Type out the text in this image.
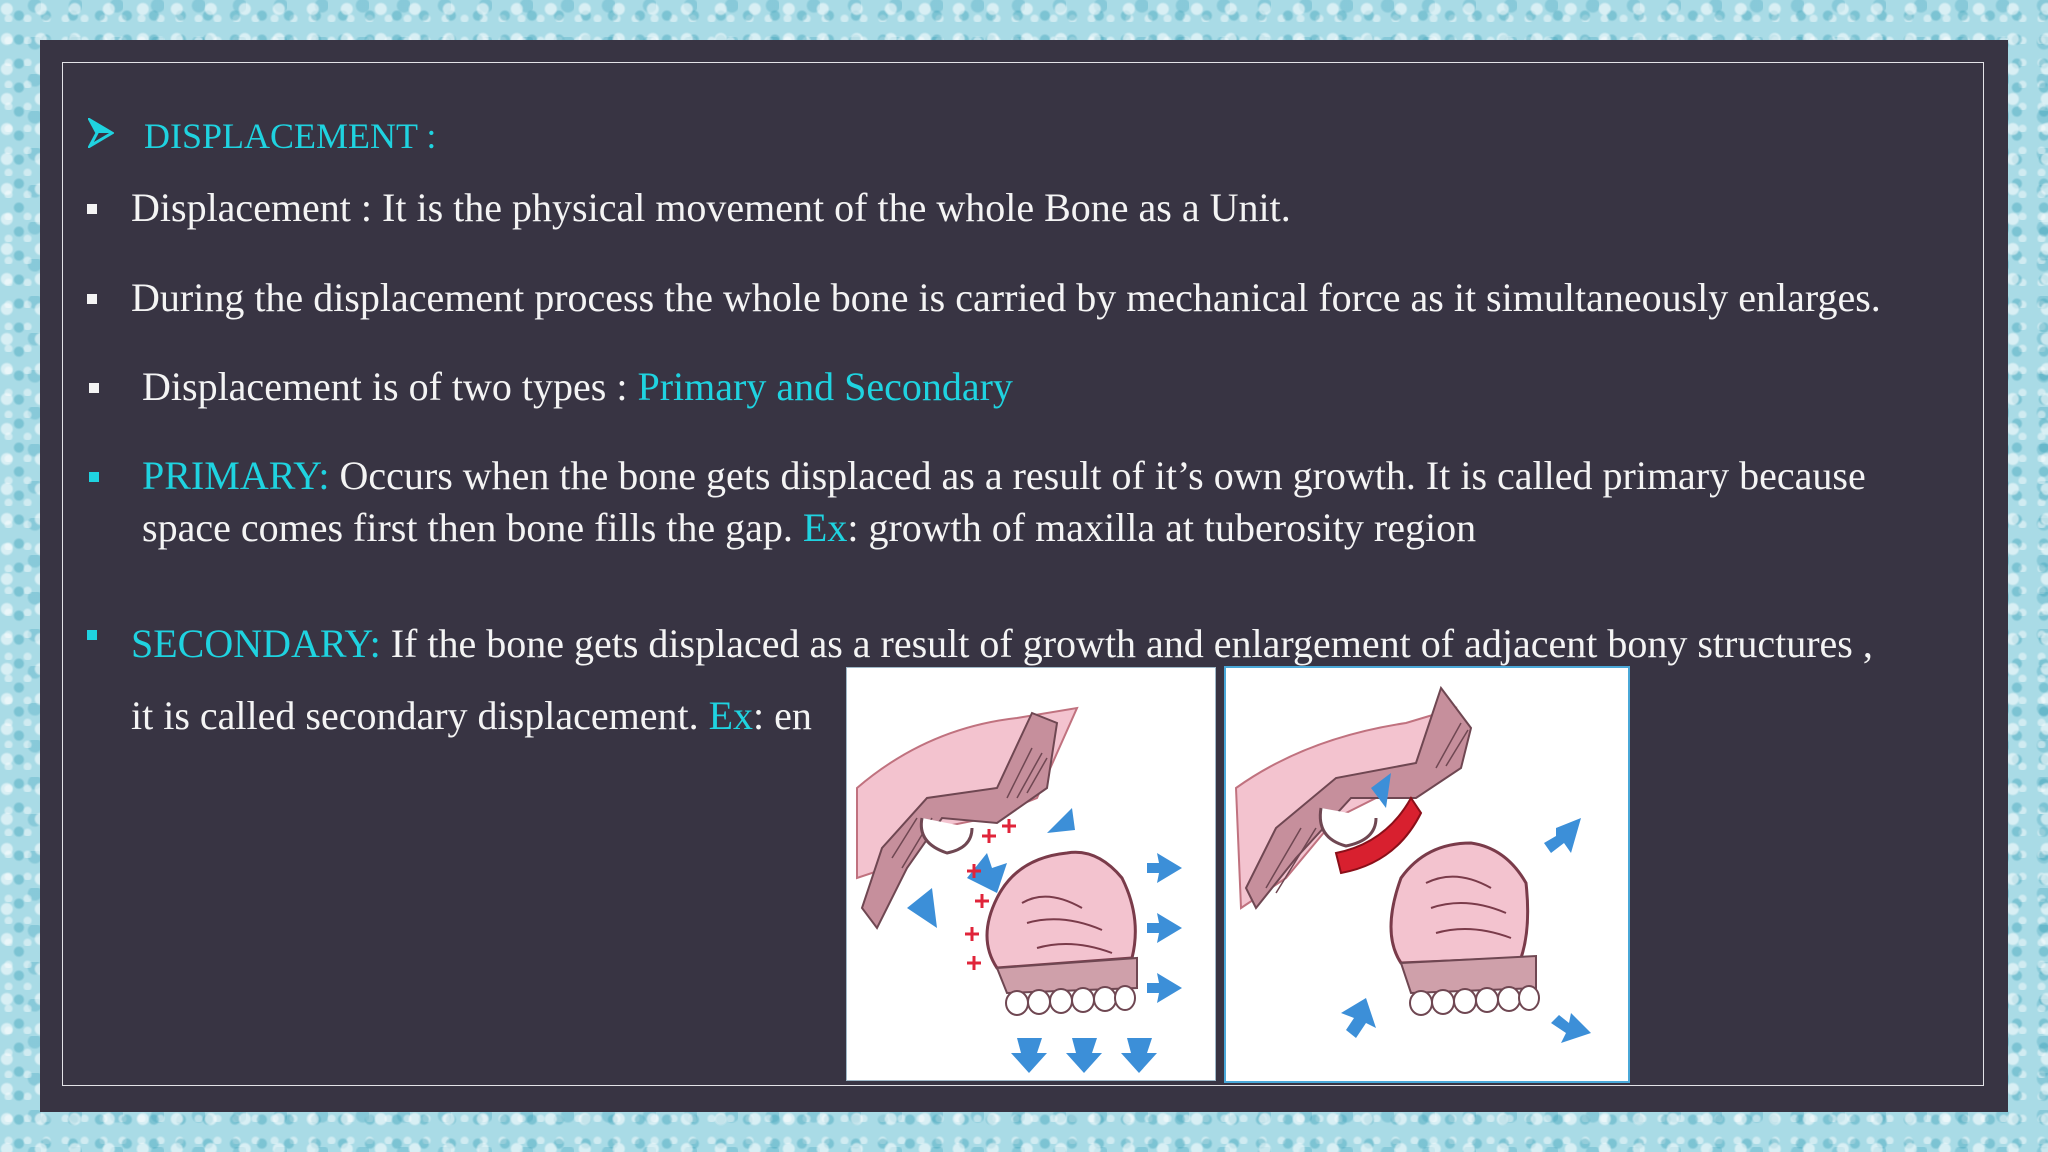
DISPLACEMENT :
Displacement : It is the physical movement of the whole Bone as a Unit.
During the displacement process the whole bone is carried by mechanical force as it simultaneously enlarges.
Displacement is of two types : Primary and Secondary
PRIMARY: Occurs when the bone gets displaced as a result of it’s own growth. It is called primary because
space comes first then bone fills the gap. Ex: growth of maxilla at tuberosity region
SECONDARY: If the bone gets displaced as a result of growth and enlargement of adjacent bony structures ,
it is called secondary displacement. Ex: en
